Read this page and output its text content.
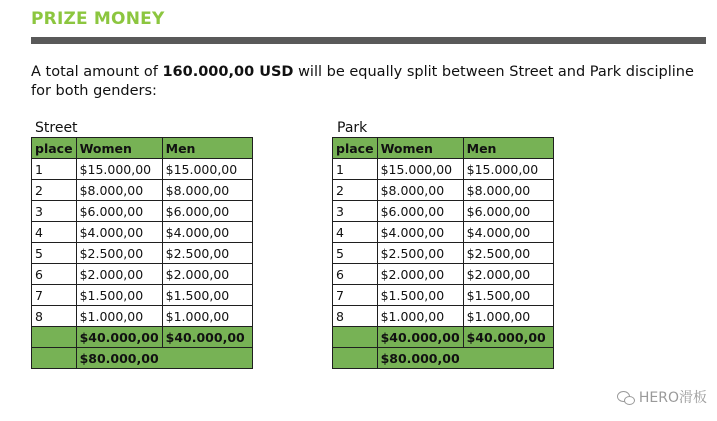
PRIZE MONEY
A total amount of 160.000,00 USD will be equally split between Street and Park discipline for both genders:
Street
place	Women	Men
1	$15.000,00	$15.000,00
2	$8.000,00	$8.000,00
3	$6.000,00	$6.000,00
4	$4.000,00	$4.000,00
5	$2.500,00	$2.500,00
6	$2.000,00	$2.000,00
7	$1.500,00	$1.500,00
8	$1.000,00	$1.000,00
	$40.000,00	$40.000,00
	$80.000,00	
Park
place	Women	Men
1	$15.000,00	$15.000,00
2	$8.000,00	$8.000,00
3	$6.000,00	$6.000,00
4	$4.000,00	$4.000,00
5	$2.500,00	$2.500,00
6	$2.000,00	$2.000,00
7	$1.500,00	$1.500,00
8	$1.000,00	$1.000,00
	$40.000,00	$40.000,00
	$80.000,00	
HERO滑板
